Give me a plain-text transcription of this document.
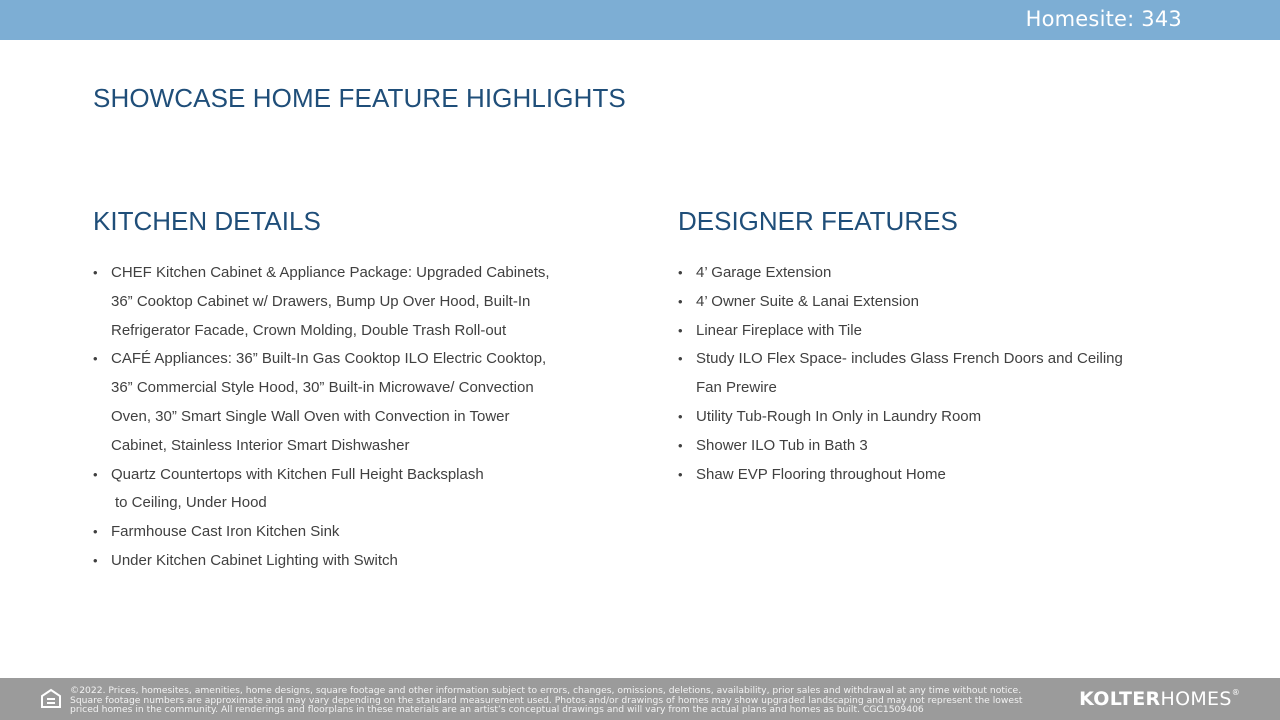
Homesite: 343
SHOWCASE HOME FEATURE HIGHLIGHTS
KITCHEN DETAILS
• CHEF Kitchen Cabinet & Appliance Package: Upgraded Cabinets,
36” Cooktop Cabinet w/ Drawers, Bump Up Over Hood, Built-In
Refrigerator Facade, Crown Molding, Double Trash Roll-out
• CAFÉ Appliances: 36” Built-In Gas Cooktop ILO Electric Cooktop,
36” Commercial Style Hood, 30” Built-in Microwave/ Convection
Oven, 30” Smart Single Wall Oven with Convection in Tower
Cabinet, Stainless Interior Smart Dishwasher
• Quartz Countertops with Kitchen Full Height Backsplash
to Ceiling, Under Hood
• Farmhouse Cast Iron Kitchen Sink
• Under Kitchen Cabinet Lighting with Switch
DESIGNER FEATURES
• 4’ Garage Extension
• 4’ Owner Suite & Lanai Extension
• Linear Fireplace with Tile
• Study ILO Flex Space- includes Glass French Doors and Ceiling
Fan Prewire
• Utility Tub-Rough In Only in Laundry Room
• Shower ILO Tub in Bath 3
• Shaw EVP Flooring throughout Home
©2022. Prices, homesites, amenities, home designs, square footage and other information subject to errors, changes, omissions, deletions, availability, prior sales and withdrawal at any time without notice.
Square footage numbers are approximate and may vary depending on the standard measurement used. Photos and/or drawings of homes may show upgraded landscaping and may not represent the lowest
priced homes in the community. All renderings and floorplans in these materials are an artist’s conceptual drawings and will vary from the actual plans and homes as built. CGC1509406	KOLTERHOMES®
